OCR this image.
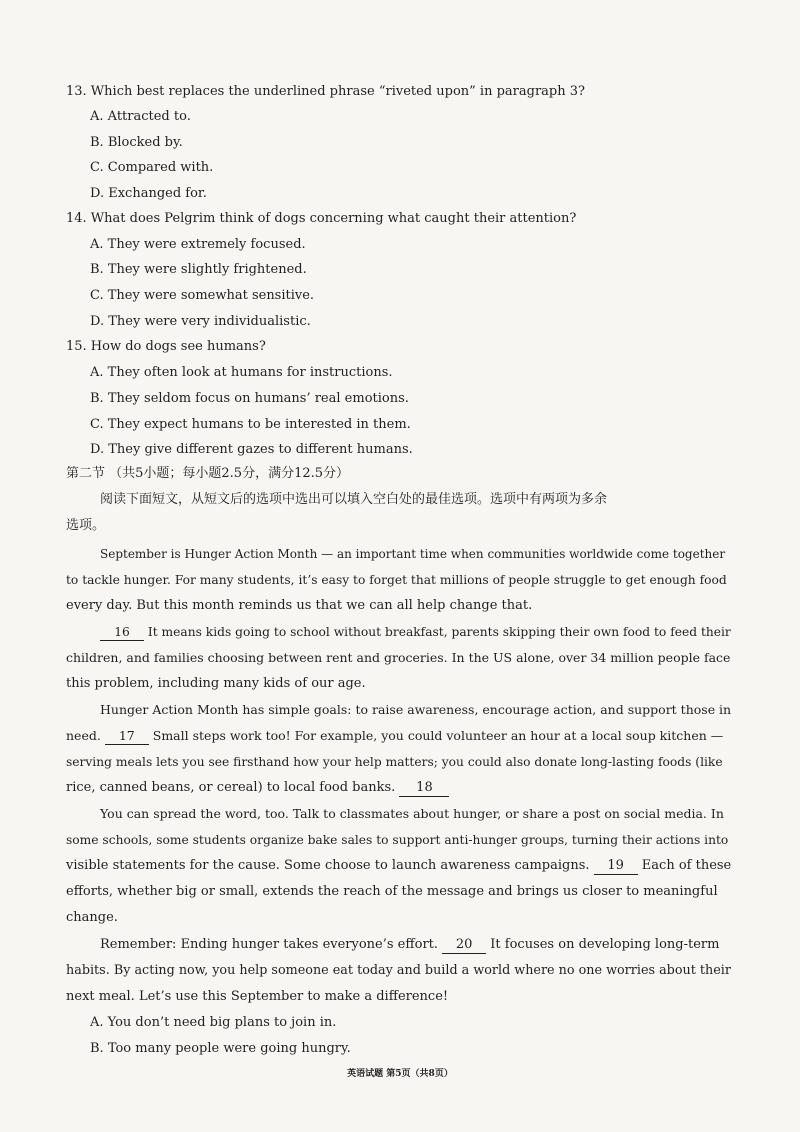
13. Which best replaces the underlined phrase “riveted upon” in paragraph 3?
A. Attracted to.
B. Blocked by.
C. Compared with.
D. Exchanged for.
14. What does Pelgrim think of dogs concerning what caught their attention?
A. They were extremely focused.
B. They were slightly frightened.
C. They were somewhat sensitive.
D. They were very individualistic.
15. How do dogs see humans?
A. They often look at humans for instructions.
B. They seldom focus on humans’ real emotions.
C. They expect humans to be interested in them.
D. They give different gazes to different humans.
第二节 （共5小题；每小题2.5分，满分12.5分）
阅读下面短文，从短文后的选项中选出可以填入空白处的最佳选项。选项中有两项为多余
选项。
September is Hunger Action Month — an important time when communities worldwide come together
to tackle hunger. For many students, it’s easy to forget that millions of people struggle to get enough food
every day. But this month reminds us that we can all help change that.
16 It means kids going to school without breakfast, parents skipping their own food to feed their
children, and families choosing between rent and groceries. In the US alone, over 34 million people face
this problem, including many kids of our age.
Hunger Action Month has simple goals: to raise awareness, encourage action, and support those in
need. 17 Small steps work too! For example, you could volunteer an hour at a local soup kitchen —
serving meals lets you see firsthand how your help matters; you could also donate long-lasting foods (like
rice, canned beans, or cereal) to local food banks. 18
You can spread the word, too. Talk to classmates about hunger, or share a post on social media. In
some schools, some students organize bake sales to support anti-hunger groups, turning their actions into
visible statements for the cause. Some choose to launch awareness campaigns. 19 Each of these
efforts, whether big or small, extends the reach of the message and brings us closer to meaningful
change.
Remember: Ending hunger takes everyone’s effort. 20 It focuses on developing long-term
habits. By acting now, you help someone eat today and build a world where no one worries about their
next meal. Let’s use this September to make a difference!
A. You don’t need big plans to join in.
B. Too many people were going hungry.
英语试题 第5页（共8页）
